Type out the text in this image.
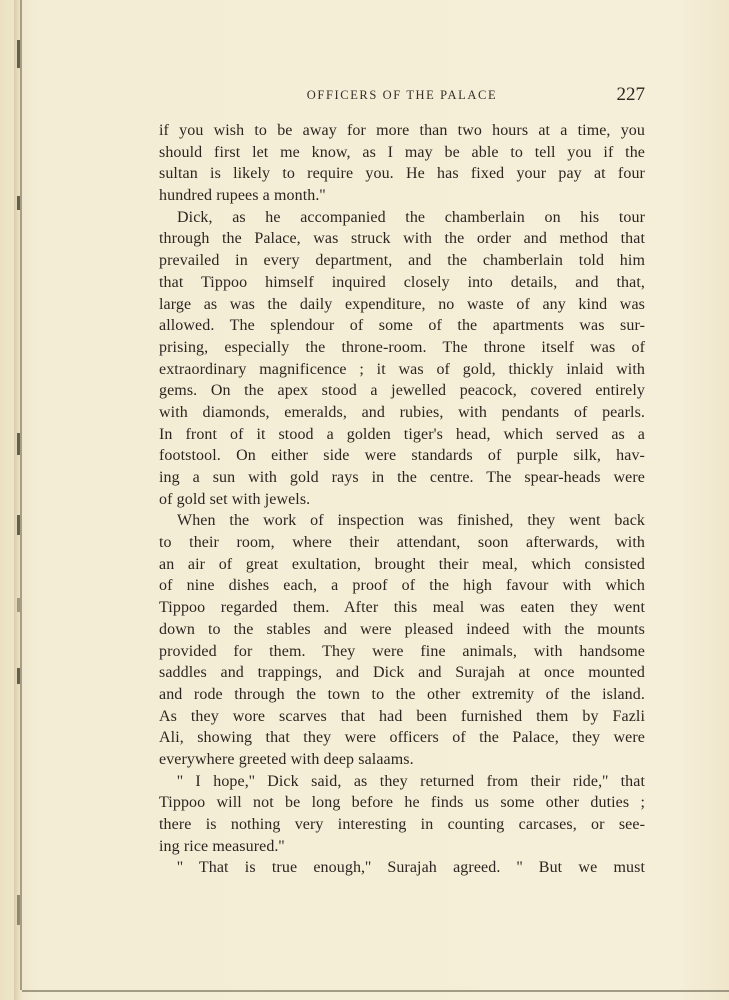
OFFICERS OF THE PALACE	227
if you wish to be away for more than two hours at a time, you
should first let me know, as I may be able to tell you if the
sultan is likely to require you. He has fixed your pay at four
hundred rupees a month.''
Dick, as he accompanied the chamberlain on his tour
through the Palace, was struck with the order and method that
prevailed in every department, and the chamberlain told him
that Tippoo himself inquired closely into details, and that,
large as was the daily expenditure, no waste of any kind was
allowed. The splendour of some of the apartments was sur-
prising, especially the throne-room. The throne itself was of
extraordinary magnificence ; it was of gold, thickly inlaid with
gems. On the apex stood a jewelled peacock, covered entirely
with diamonds, emeralds, and rubies, with pendants of pearls.
In front of it stood a golden tiger's head, which served as a
footstool. On either side were standards of purple silk, hav-
ing a sun with gold rays in the centre. The spear-heads were
of gold set with jewels.
When the work of inspection was finished, they went back
to their room, where their attendant, soon afterwards, with
an air of great exultation, brought their meal, which consisted
of nine dishes each, a proof of the high favour with which
Tippoo regarded them. After this meal was eaten they went
down to the stables and were pleased indeed with the mounts
provided for them. They were fine animals, with handsome
saddles and trappings, and Dick and Surajah at once mounted
and rode through the town to the other extremity of the island.
As they wore scarves that had been furnished them by Fazli
Ali, showing that they were officers of the Palace, they were
everywhere greeted with deep salaams.
'' I hope,'' Dick said, as they returned from their ride,'' that
Tippoo will not be long before he finds us some other duties ;
there is nothing very interesting in counting carcases, or see-
ing rice measured.''
'' That is true enough,'' Surajah agreed. '' But we must
